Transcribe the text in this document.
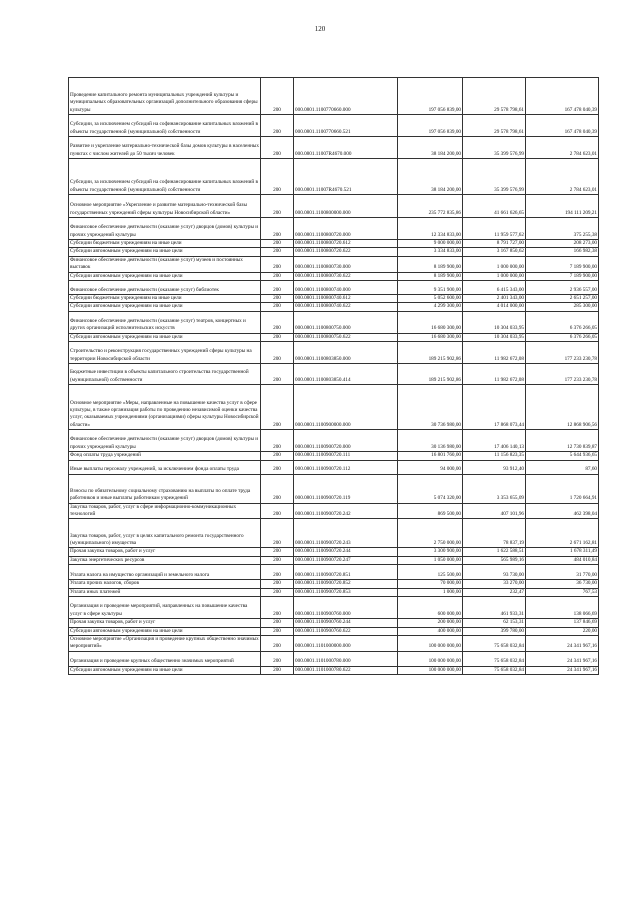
120
Проведение капитального ремонта муниципальных учреждений культуры и муниципальных образовательных организаций дополнительного образования сферы культуры	200	000.0801.1100770660.000	197 056 839,00	29 578 798,61	167 478 040,39
Субсидии, за исключением субсидий на софинансирование капитальных вложений в объекты государственной (муниципальной) собственности	200	000.0801.1100770660.521	197 056 839,00	29 578 798,61	167 478 040,39
Развитие и укрепление материально-технической базы домов культуры в населенных пунктах с числом жителей до 50 тысяч человек	200	000.0801.11007R4670.000	38 184 200,00	35 399 576,99	2 784 623,01
Субсидии, за исключением субсидий на софинансирование капитальных вложений в объекты государственной (муниципальной) собственности	200	000.0801.11007R4670.521	38 184 200,00	35 399 576,99	2 784 623,01
Основное мероприятие «Укрепление и развитие материально-технической базы государственных учреждений сферы культуры Новосибирской области»	200	000.0801.1100800000.000	235 772 835,86	41 661 626,65	194 111 209,21
Финансовое обеспечение деятельности (оказание услуг) дворцов (домов) культуры и прочих учреждений культуры	200	000.0801.1100800720.000	12 334 833,00	11 959 577,62	375 255,38
Субсидии бюджетным учреждениям на иные цели	200	000.0801.1100800720.612	9 000 000,00	8 791 727,00	208 273,00
Субсидии автономным учреждениям на иные цели	200	000.0801.1100800720.622	3 334 833,00	3 167 850,62	166 982,38
Финансовое обеспечение деятельности (оказание услуг) музеев и постоянных выставок	200	000.0801.1100800730.000	8 189 900,00	1 000 000,00	7 189 900,00
Субсидии автономным учреждениям на иные цели	200	000.0801.1100800730.622	8 189 900,00	1 000 000,00	7 189 900,00
Финансовое обеспечение деятельности (оказание услуг) библиотек	200	000.0801.1100800740.000	9 351 900,00	6 415 343,00	2 936 557,00
Субсидии бюджетным учреждениям на иные цели	200	000.0801.1100800740.612	5 052 600,00	2 401 343,00	2 651 257,00
Субсидии автономным учреждениям на иные цели	200	000.0801.1100800740.622	4 299 300,00	4 014 000,00	285 300,00
Финансовое обеспечение деятельности (оказание услуг) театров, концертных и других организаций исполнительских искусств	200	000.0801.1100800750.000	16 680 300,00	10 304 033,95	6 376 266,05
Субсидии автономным учреждениям на иные цели	200	000.0801.1100800750.622	16 680 300,00	10 304 033,95	6 376 266,05
Строительство и реконструкция государственных учреждений сферы культуры на территории Новосибирской области	200	000.0801.1100803850.000	189 215 902,86	11 982 672,08	177 233 230,78
Бюджетные инвестиции в объекты капитального строительства государственной (муниципальной) собственности	200	000.0801.1100803850.414	189 215 902,86	11 982 672,08	177 233 230,78
Основное мероприятие «Меры, направленные на повышение качества услуг в сфере культуры, в также организация работы по проведению независимой оценки качества услуг, оказываемых учреждениями (организациями) сферы культуры Новосибирской области»	200	000.0801.1100900000.000	30 736 980,00	17 868 073,44	12 868 906,56
Финансовое обеспечение деятельности (оказание услуг) дворцов (домов) культуры и прочих учреждений культуры	200	000.0801.1100900720.000	30 136 980,00	17 406 140,13	12 730 839,87
Фонд оплаты труда учреждений	200	000.0801.1100900720.111	16 801 760,00	11 156 823,35	5 644 936,65
Иные выплаты персоналу учреждений, за исключением фонда оплаты труда	200	000.0801.1100900720.112	94 000,00	93 912,40	87,60
Взносы по обязательному социальному страхованию на выплаты по оплате труда работников и иные выплаты работникам учреждений	200	000.0801.1100900720.119	5 074 320,00	3 353 655,09	1 720 664,91
Закупка товаров, работ, услуг в сфере информационно-коммуникационных технологий	200	000.0801.1100900720.242	869 500,00	407 101,96	462 398,04
Закупка товаров, работ, услуг в целях капитального ремонта государственного (муниципального) имущества	200	000.0801.1100900720.243	2 750 000,00	78 837,19	2 671 162,81
Прочая закупка товаров, работ и услуг	200	000.0801.1100900720.244	3 300 900,00	1 622 588,51	1 678 311,49
Закупка энергетических ресурсов	200	000.0801.1100900720.247	1 050 000,00	565 989,16	484 010,84
Уплата налога на имущество организаций и земельного налога	200	000.0801.1100900720.851	125 500,00	93 730,00	31 770,00
Уплата прочих налогов, сборов	200	000.0801.1100900720.852	70 000,00	33 270,00	36 730,00
Уплата иных платежей	200	000.0801.1100900720.853	1 000,00	232,47	767,53
Организация и проведение мероприятий, направленных на повышение качества услуг в сфере культуры	200	000.0801.1100900760.000	600 000,00	461 933,31	138 066,69
Прочая закупка товаров, работ и услуг	200	000.0801.1100900760.244	200 000,00	62 153,31	137 846,69
Субсидии автономным учреждениям на иные цели	200	000.0801.1100900760.622	400 000,00	399 780,00	220,00
Основное мероприятие «Организация и проведение крупных общественно значимых мероприятий»	200	000.0801.1101000000.000	100 000 000,00	75 658 032,84	24 341 967,16
Организация и проведение крупных общественно значимых мероприятий	200	000.0801.1101000780.000	100 000 000,00	75 658 032,84	24 341 967,16
Субсидии автономным учреждениям на иные цели	200	000.0801.1101000780.622	100 000 000,00	75 658 032,84	24 341 967,16
